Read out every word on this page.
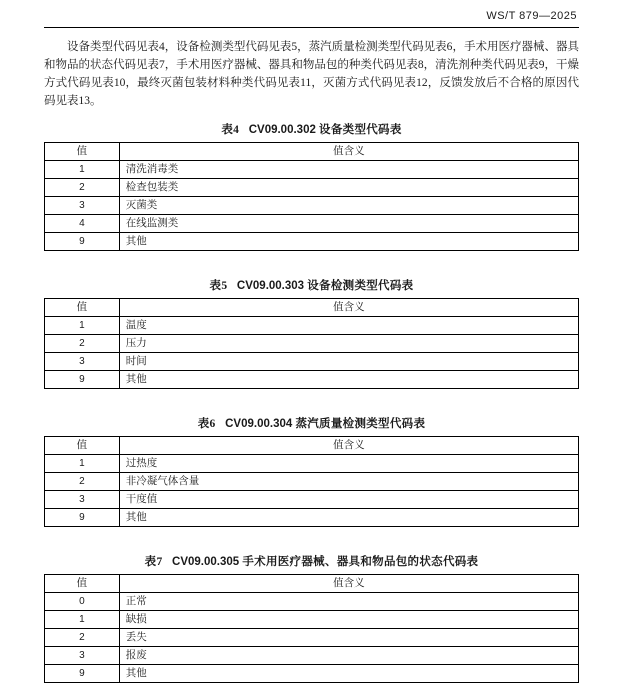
WS/T 879—2025

设备类型代码见表4，设备检测类型代码见表5，蒸汽质量检测类型代码见表6，手术用医疗器械、器具和物品的状态代码见表7，手术用医疗器械、器具和物品包的种类代码见表8，清洗剂种类代码见表9，干燥方式代码见表10，最终灭菌包装材料种类代码见表11，灭菌方式代码见表12，反馈发放后不合格的原因代码见表13。

表4 CV09.00.302 设备类型代码表
值	值含义
1	清洗消毒类
2	检查包装类
3	灭菌类
4	在线监测类
9	其他
表5 CV09.00.303 设备检测类型代码表
值	值含义
1	温度
2	压力
3	时间
9	其他
表6 CV09.00.304 蒸汽质量检测类型代码表
值	值含义
1	过热度
2	非冷凝气体含量
3	干度值
9	其他
表7 CV09.00.305 手术用医疗器械、器具和物品包的状态代码表
值	值含义
0	正常
1	缺损
2	丢失
3	报废
9	其他
